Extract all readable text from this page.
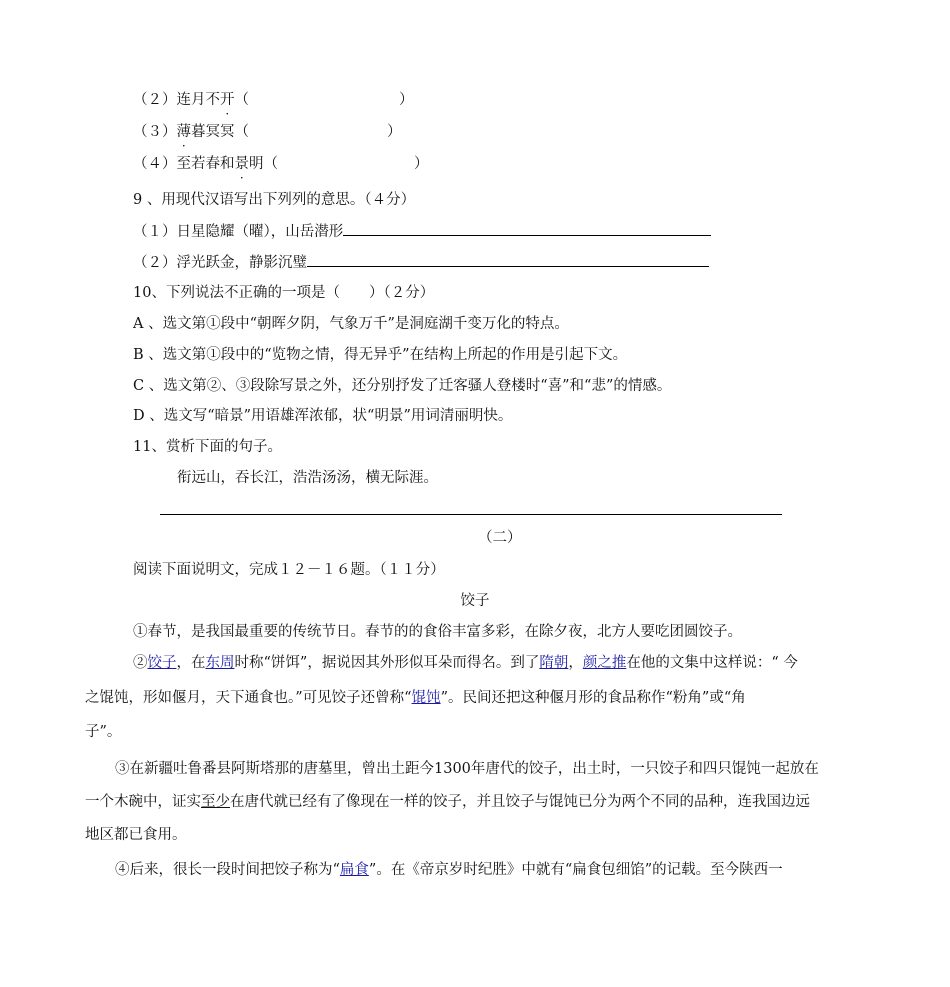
（２）连月不开（	）
（３）薄暮冥冥（	）
（４）至若春和景明（	）
9 、用现代汉语写出下列列的意思。（４分）
（１）日星隐耀（曜），山岳潜形
（２）浮光跃金，静影沉璧
10、下列说法不正确的一项是（　　）（２分）
A 、选文第①段中“朝晖夕阴，气象万千”是洞庭湖千变万化的特点。
B 、选文第①段中的“览物之情，得无异乎”在结构上所起的作用是引起下文。
C 、选文第②、③段除写景之外，还分别抒发了迁客骚人登楼时“喜”和“悲”的情感。
D 、选文写“暗景”用语雄浑浓郁，状“明景”用词清丽明快。
11、赏析下面的句子。
衔远山，吞长江，浩浩汤汤，横无际涯。
（二）
阅读下面说明文，完成１２－１６题。（１１分）
饺子
①春节，是我国最重要的传统节日。春节的的食俗丰富多彩，在除夕夜，北方人要吃团圆饺子。
②饺子，在东周时称“饼饵”，据说因其外形似耳朵而得名。到了隋朝，颜之推在他的文集中这样说：“ 今
之馄饨，形如偃月，天下通食也。”可见饺子还曾称“馄饨”。民间还把这种偃月形的食品称作“粉角”或“角
子”。
③在新疆吐鲁番县阿斯塔那的唐墓里，曾出土距今1300年唐代的饺子，出土时，一只饺子和四只馄饨一起放在
一个木碗中，证实至少在唐代就已经有了像现在一样的饺子，并且饺子与馄饨已分为两个不同的品种，连我国边远
地区都已食用。
④后来，很长一段时间把饺子称为“扁食”。在《帝京岁时纪胜》中就有“扁食包细馅”的记载。至今陕西一
